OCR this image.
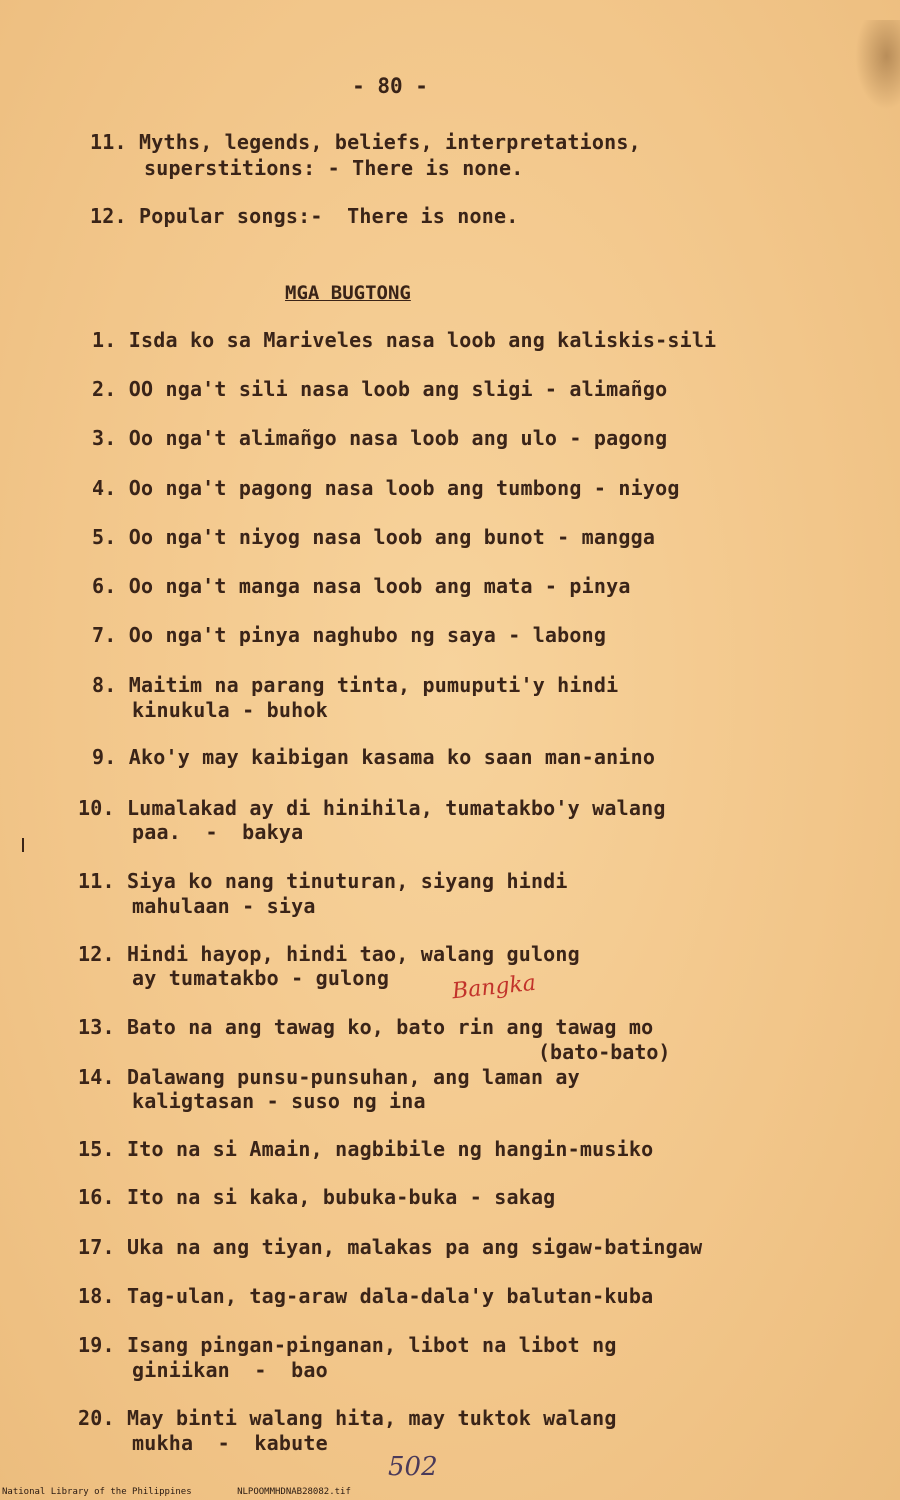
- 80 -
11. Myths, legends, beliefs, interpretations,
superstitions: - There is none.
12. Popular songs:-  There is none.
MGA BUGTONG
1. Isda ko sa Mariveles nasa loob ang kaliskis-sili
2. OO nga't sili nasa loob ang sligi - alimañgo
3. Oo nga't alimañgo nasa loob ang ulo - pagong
4. Oo nga't pagong nasa loob ang tumbong - niyog
5. Oo nga't niyog nasa loob ang bunot - mangga
6. Oo nga't manga nasa loob ang mata - pinya
7. Oo nga't pinya naghubo ng saya - labong
8. Maitim na parang tinta, pumuputi'y hindi
kinukula - buhok
9. Ako'y may kaibigan kasama ko saan man-anino
10. Lumalakad ay di hinihila, tumatakbo'y walang
paa.  -  bakya
11. Siya ko nang tinuturan, siyang hindi
mahulaan - siya
12. Hindi hayop, hindi tao, walang gulong
ay tumatakbo - gulong	Bangka
13. Bato na ang tawag ko, bato rin ang tawag mo
(bato-bato)
14. Dalawang punsu-punsuhan, ang laman ay
kaligtasan - suso ng ina
15. Ito na si Amain, nagbibile ng hangin-musiko
16. Ito na si kaka, bubuka-buka - sakag
17. Uka na ang tiyan, malakas pa ang sigaw-batingaw
18. Tag-ulan, tag-araw dala-dala'y balutan-kuba
19. Isang pingan-pinganan, libot na libot ng
giniikan  -  bao
20. May binti walang hita, may tuktok walang
mukha  -  kabute
502
National Library of the Philippines	NLPOOMMHDNAB28082.tif
